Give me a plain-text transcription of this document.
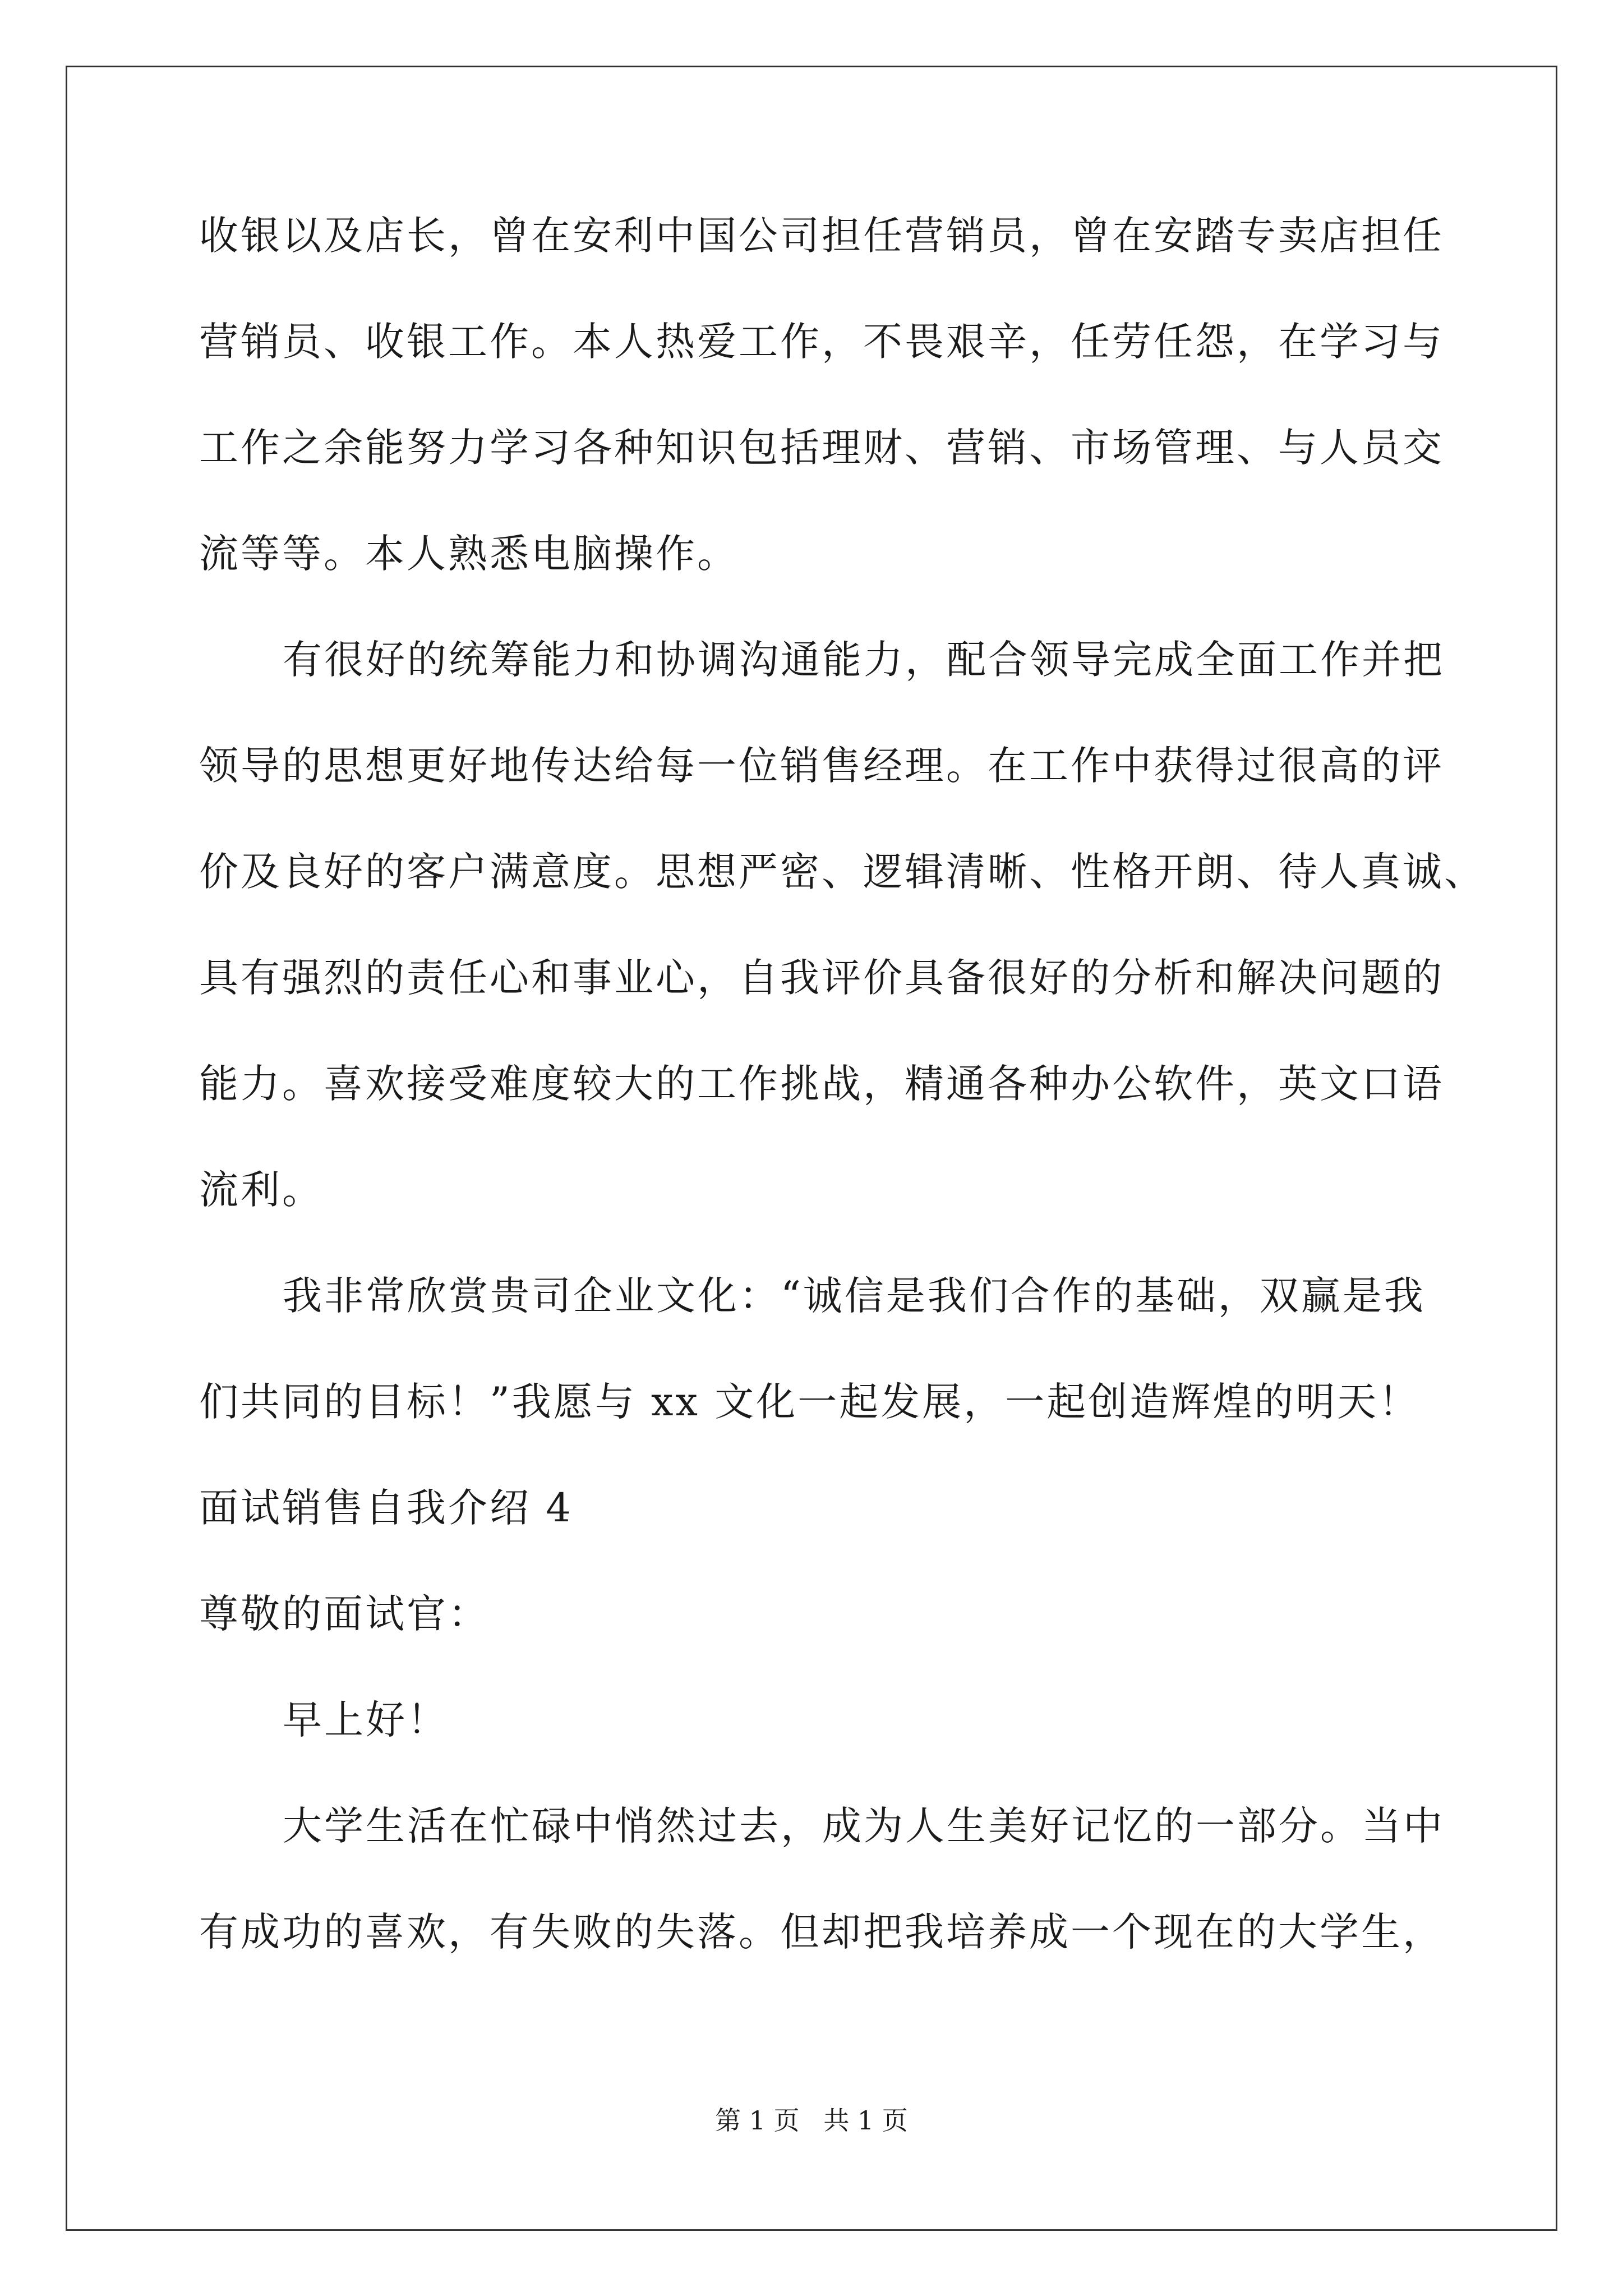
收银以及店长，曾在安利中国公司担任营销员，曾在安踏专卖店担任
营销员、收银工作。本人热爱工作，不畏艰辛，任劳任怨，在学习与
工作之余能努力学习各种知识包括理财、营销、市场管理、与人员交
流等等。本人熟悉电脑操作。
有很好的统筹能力和协调沟通能力，配合领导完成全面工作并把
领导的思想更好地传达给每一位销售经理。在工作中获得过很高的评
价及良好的客户满意度。思想严密、逻辑清晰、性格开朗、待人真诚、
具有强烈的责任心和事业心，自我评价具备很好的分析和解决问题的
能力。喜欢接受难度较大的工作挑战，精通各种办公软件，英文口语
流利。
我非常欣赏贵司企业文化：“诚信是我们合作的基础，双赢是我
们共同的目标！”我愿与 xx 文化一起发展，一起创造辉煌的明天！
面试销售自我介绍 4
尊敬的面试官：
早上好！
大学生活在忙碌中悄然过去，成为人生美好记忆的一部分。当中
有成功的喜欢，有失败的失落。但却把我培养成一个现在的大学生，
第 1 页 共 1 页
